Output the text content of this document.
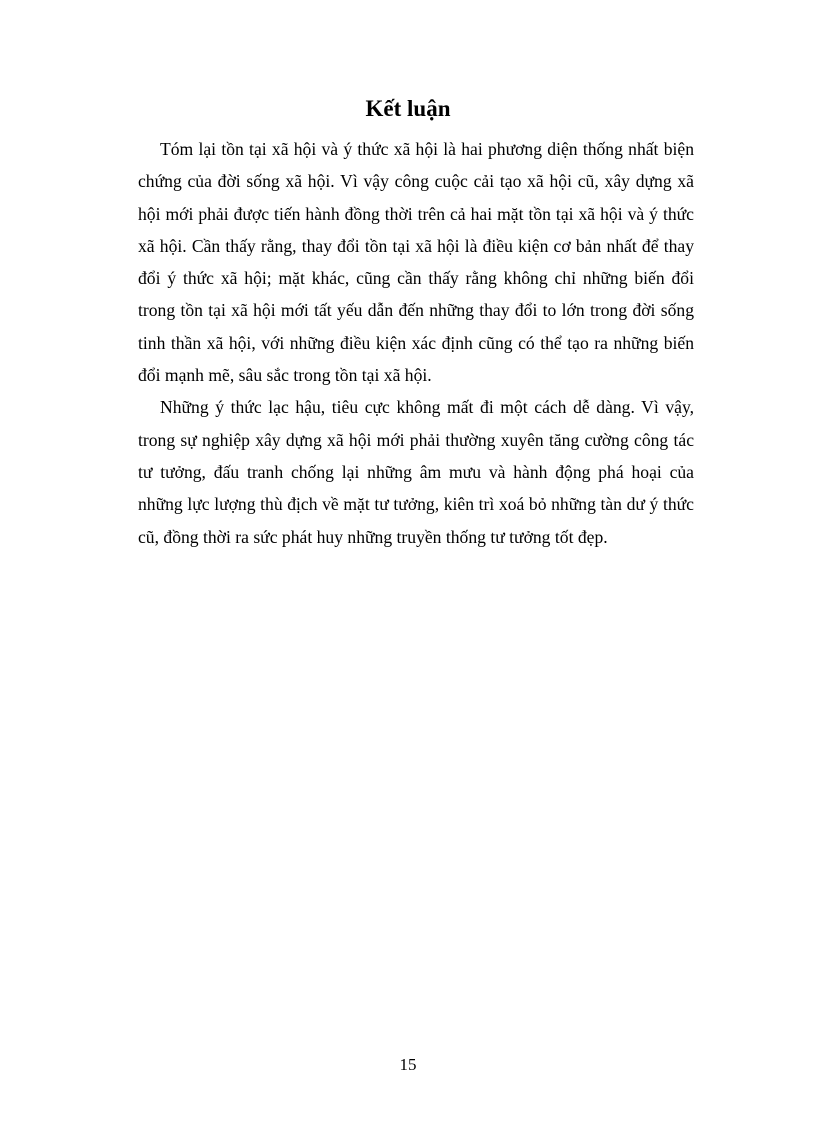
Kết luận

Tóm lại tồn tại xã hội và ý thức xã hội là hai phương diện thống nhất biện chứng của đời sống xã hội. Vì vậy công cuộc cải tạo xã hội cũ, xây dựng xã hội mới phải được tiến hành đồng thời trên cả hai mặt tồn tại xã hội và ý thức xã hội. Cần thấy rằng, thay đổi tồn tại xã hội là điều kiện cơ bản nhất để thay đổi ý thức xã hội; mặt khác, cũng cần thấy rằng không chỉ những biến đổi trong tồn tại xã hội mới tất yếu dẫn đến những thay đổi to lớn trong đời sống tinh thần xã hội, với những điều kiện xác định cũng có thể tạo ra những biến đổi mạnh mẽ, sâu sắc trong tồn tại xã hội.

Những ý thức lạc hậu, tiêu cực không mất đi một cách dễ dàng. Vì vậy, trong sự nghiệp xây dựng xã hội mới phải thường xuyên tăng cường công tác tư tưởng, đấu tranh chống lại những âm mưu và hành động phá hoại của những lực lượng thù địch về mặt tư tưởng, kiên trì xoá bỏ những tàn dư ý thức cũ, đồng thời ra sức phát huy những truyền thống tư tưởng tốt đẹp.

15
